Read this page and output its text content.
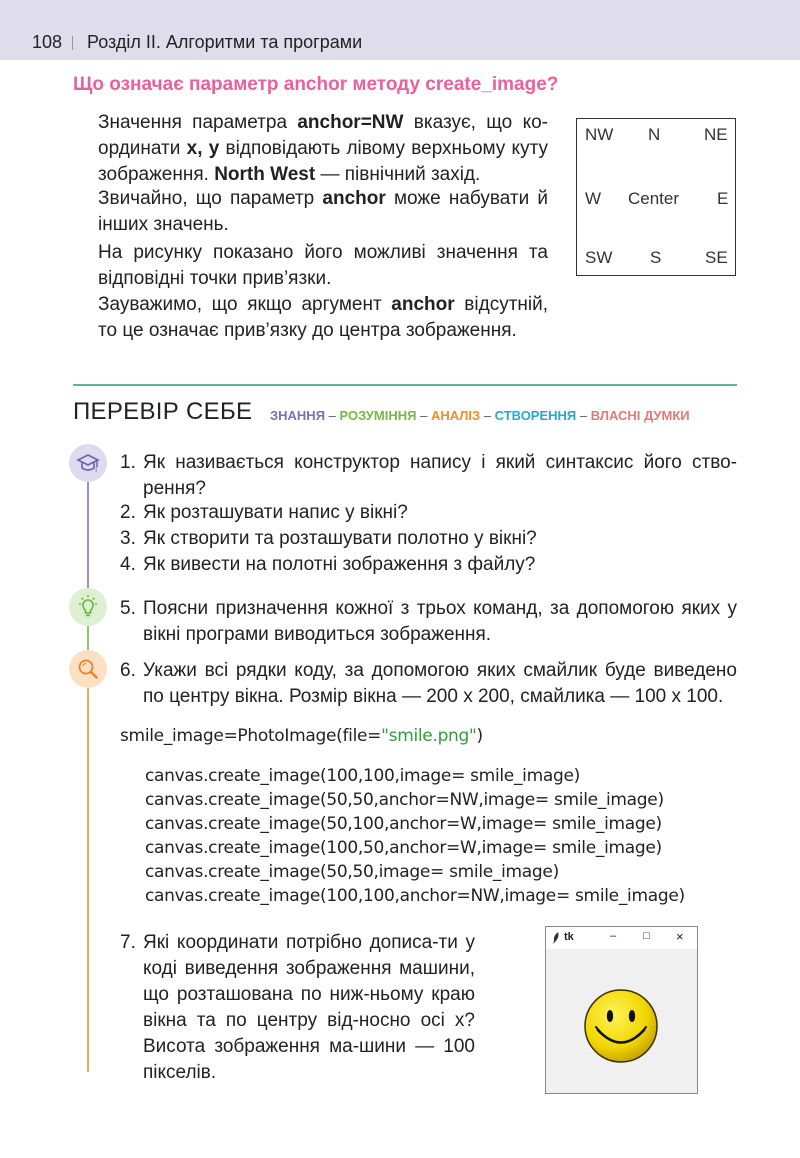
108 Розділ ІІ. Алгоритми та програми
Що означає параметр anchor методу create_image?
Значення параметра anchor=NW вказує, що ко-ординати x, y відповідають лівому верхньому куту зображення. North West — північний захід.
Звичайно, що параметр anchor може набувати й інших значень.
На рисунку показано його можливі значення та відповідні точки прив’язки.
Зауважимо, що якщо аргумент anchor відсутній, то це означає прив’язку до центра зображення.
NW N	NE
W Center E
SW S	SE
ПЕРЕВІР СЕБЕ ЗНАННЯ – РОЗУМІННЯ – АНАЛІЗ – СТВОРЕННЯ – ВЛАСНІ ДУМКИ
i 1. Як називається конструктор напису і який синтаксис його ство-рення?
2. Як розташувати напис у вікні?
3. Як створити та розташувати полотно у вікні?
4. Як вивести на полотні зображення з файлу?
5. Поясни призначення кожної з трьох команд, за допомогою яких у вікні програми виводиться зображення.
6. Укажи всі рядки коду, за допомогою яких смайлик буде виведено по центру вікна. Розмір вікна — 200 х 200, смайлика — 100 х 100.
smile_image=PhotoImage(file="smile.png")
canvas.create_image(100,100,image= smile_image)
canvas.create_image(50,50,anchor=NW,image= smile_image)
canvas.create_image(50,100,anchor=W,image= smile_image)
canvas.create_image(100,50,anchor=W,image= smile_image)
canvas.create_image(50,50,image= smile_image)
canvas.create_image(100,100,anchor=NW,image= smile_image)
7. Які координати потрібно дописа-ти у коді виведення зображення машини, що розташована по ниж-ньому краю вікна та по центру від-носно осі х? Висота зображення ма-шини — 100 пікселів.
tk	– □ ×
